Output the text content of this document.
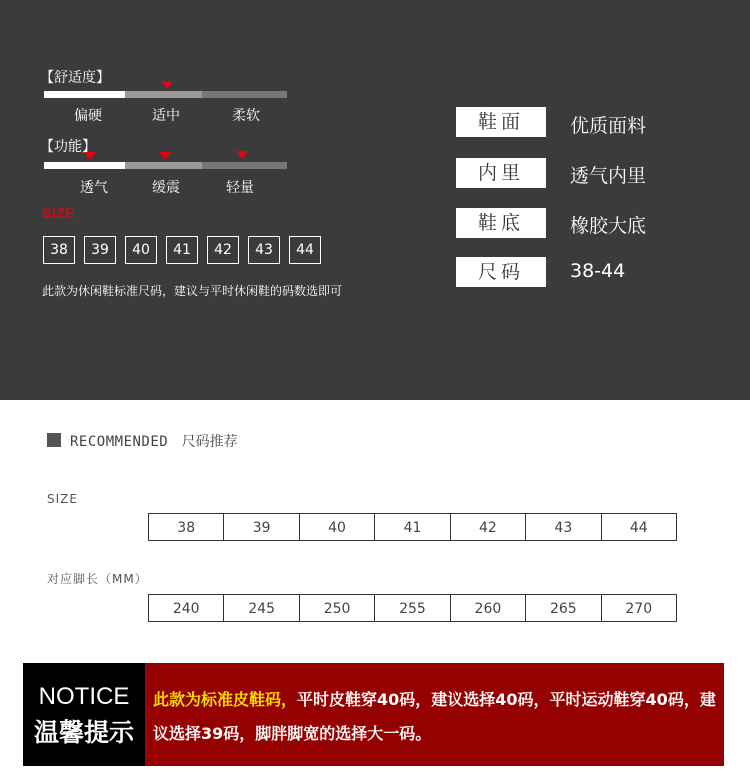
【舒适度】
偏硬	适中	柔软
【功能】
透气	缓震	轻量
SIZE
38	39	40	41	42	43	44
此款为休闲鞋标准尺码，建议与平时休闲鞋的码数选即可
鞋面	优质面料
内里	透气内里
鞋底	橡胶大底
尺码	38-44
RECOMMENDED 尺码推荐
SIZE
38	39	40	41	42	43	44
对应脚长（MM）
240	245	250	255	260	265	270
NOTICE
温馨提示
此款为标准皮鞋码，平时皮鞋穿40码，建议选择40码，平时运动鞋穿40码，建议选择39码，脚胖脚宽的选择大一码。
